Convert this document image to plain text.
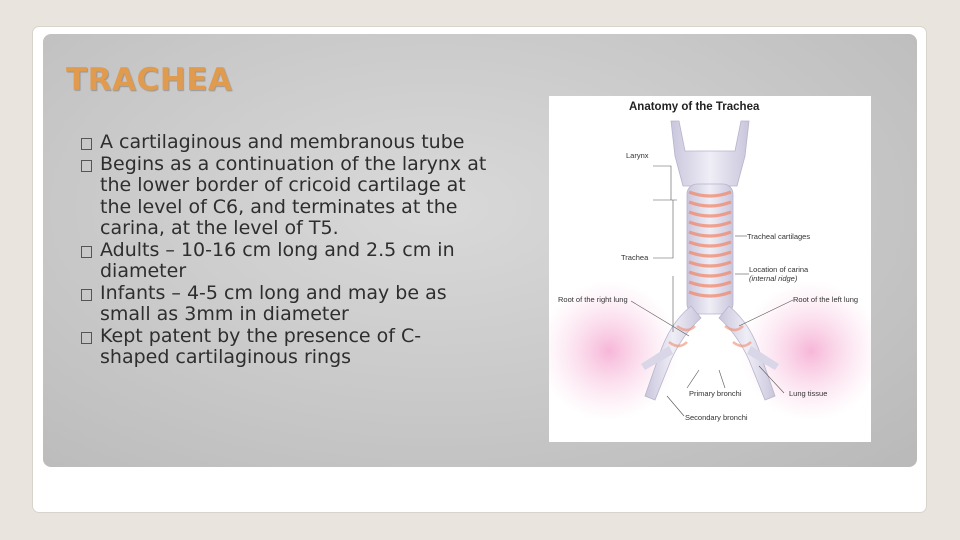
TRACHEA
A cartilaginous and membranous tube
Begins as a continuation of the larynx at the lower border of cricoid cartilage at the level of C6, and terminates at the carina, at the level of T5.
Adults – 10-16 cm long and 2.5 cm in diameter
Infants – 4-5 cm long and may be as small as 3mm in diameter
Kept patent by the presence of C-shaped cartilaginous rings
Anatomy of the Trachea
Larynx
Trachea
Tracheal cartilages
Location of carina
(internal ridge)
Root of the right lung	Root of the left lung
Primary bronchi
Secondary bronchi
Lung tissue
